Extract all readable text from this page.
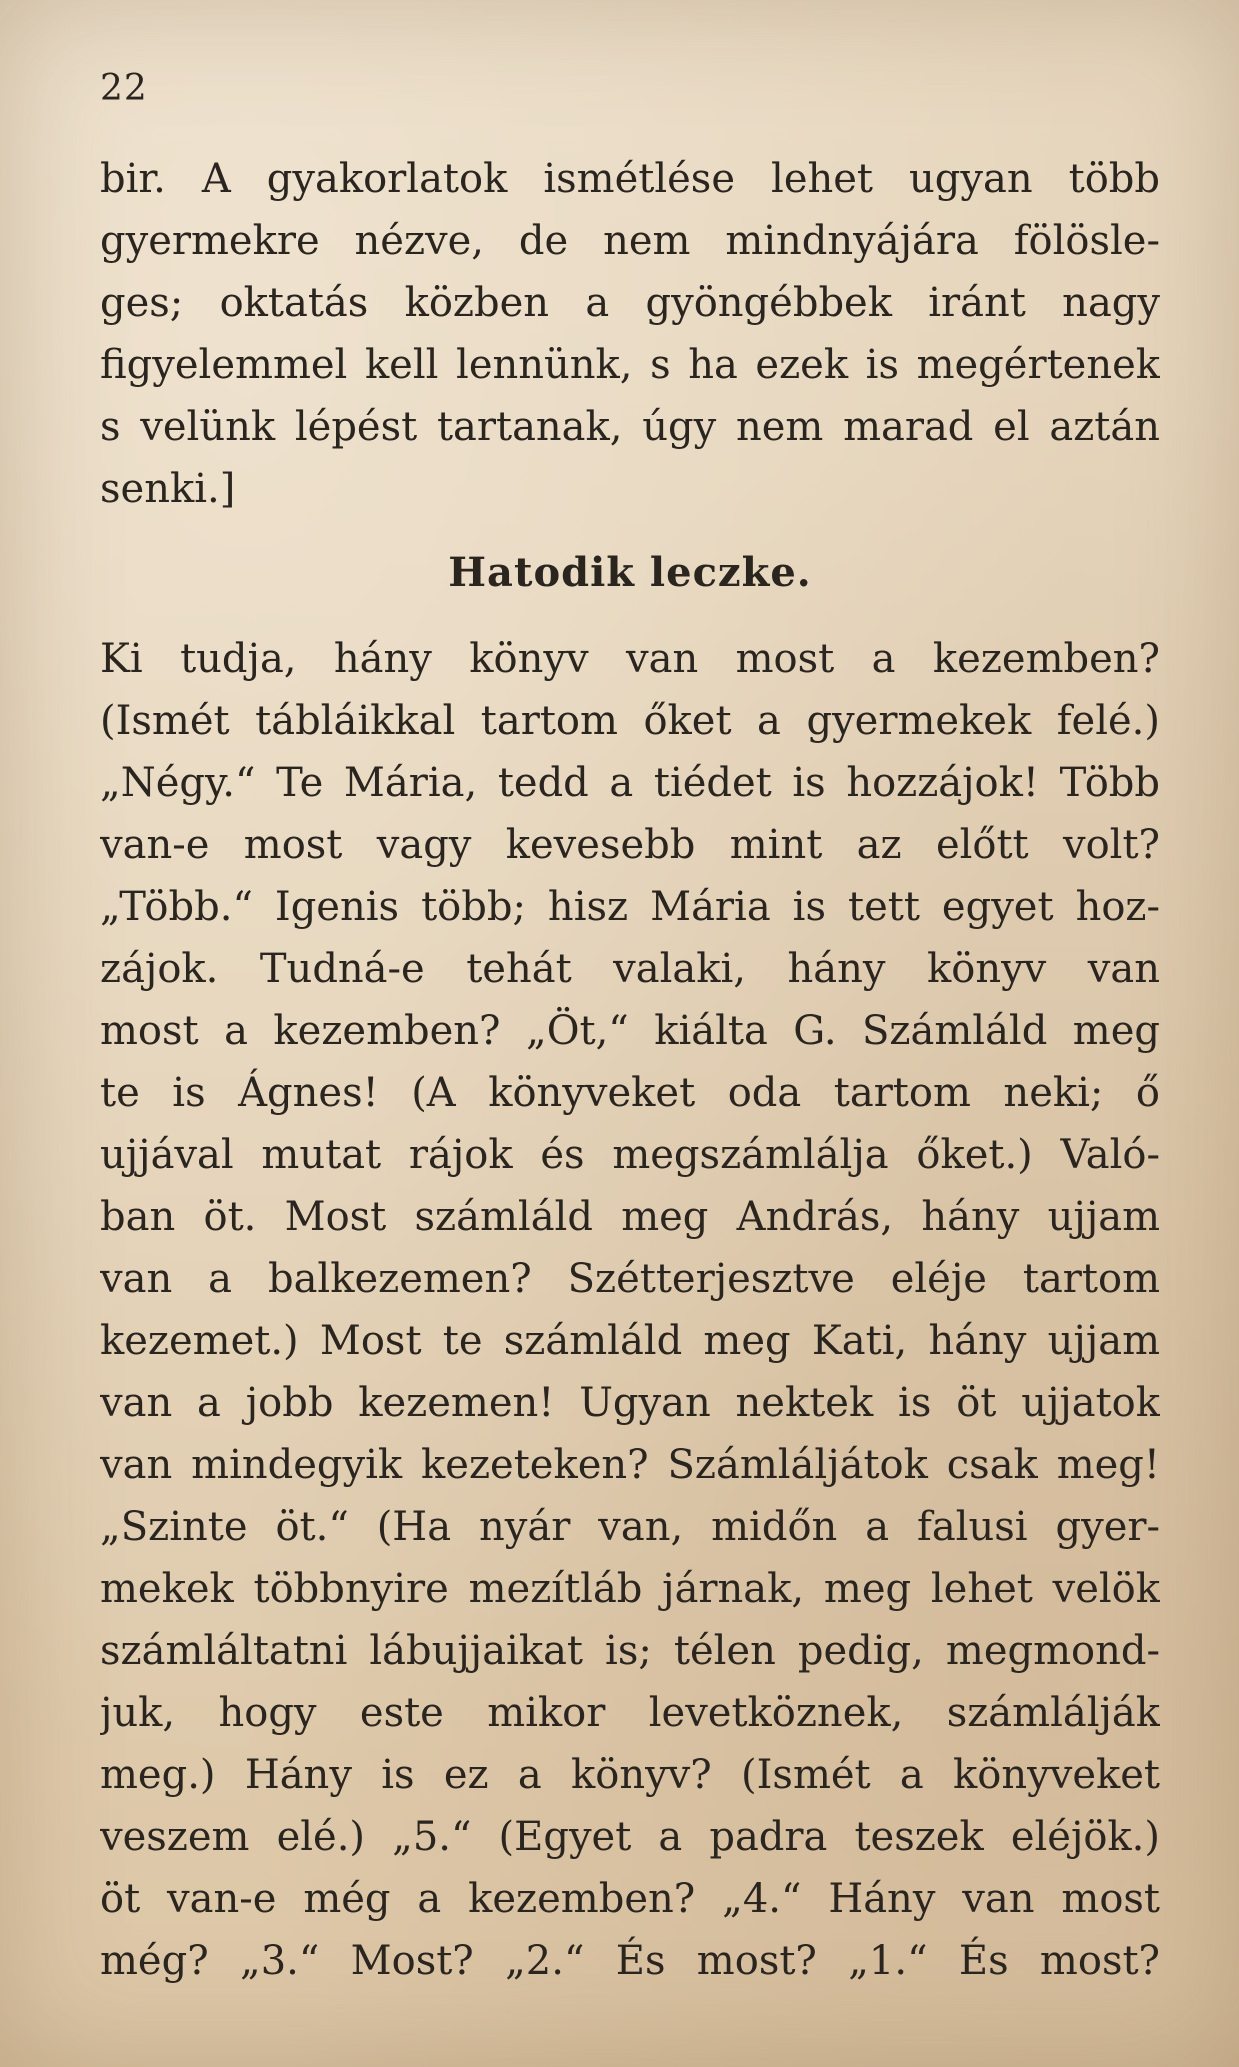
22
bir. A gyakorlatok ismétlése lehet ugyan több
gyermekre nézve, de nem mindnyájára fölösle-
ges; oktatás közben a gyöngébbek iránt nagy
figyelemmel kell lennünk, s ha ezek is megértenek
s velünk lépést tartanak, úgy nem marad el aztán
senki.]
Hatodik leczke.
Ki tudja, hány könyv van most a kezemben?
(Ismét tábláikkal tartom őket a gyermekek felé.)
„Négy.“ Te Mária, tedd a tiédet is hozzájok! Több
van-e most vagy kevesebb mint az előtt volt?
„Több.“ Igenis több; hisz Mária is tett egyet hoz-
zájok. Tudná-e tehát valaki, hány könyv van
most a kezemben? „Öt,“ kiálta G. Számláld meg
te is Ágnes! (A könyveket oda tartom neki; ő
ujjával mutat rájok és megszámlálja őket.) Való-
ban öt. Most számláld meg András, hány ujjam
van a balkezemen? Szétterjesztve eléje tartom
kezemet.) Most te számláld meg Kati, hány ujjam
van a jobb kezemen! Ugyan nektek is öt ujjatok
van mindegyik kezeteken? Számláljátok csak meg!
„Szinte öt.“ (Ha nyár van, midőn a falusi gyer-
mekek többnyire mezítláb járnak, meg lehet velök
számláltatni lábujjaikat is; télen pedig, megmond-
juk, hogy este mikor levetköznek, számlálják
meg.) Hány is ez a könyv? (Ismét a könyveket
veszem elé.) „5.“ (Egyet a padra teszek eléjök.)
öt van-e még a kezemben? „4.“ Hány van most
még? „3.“ Most? „2.“ És most? „1.“ És most?
